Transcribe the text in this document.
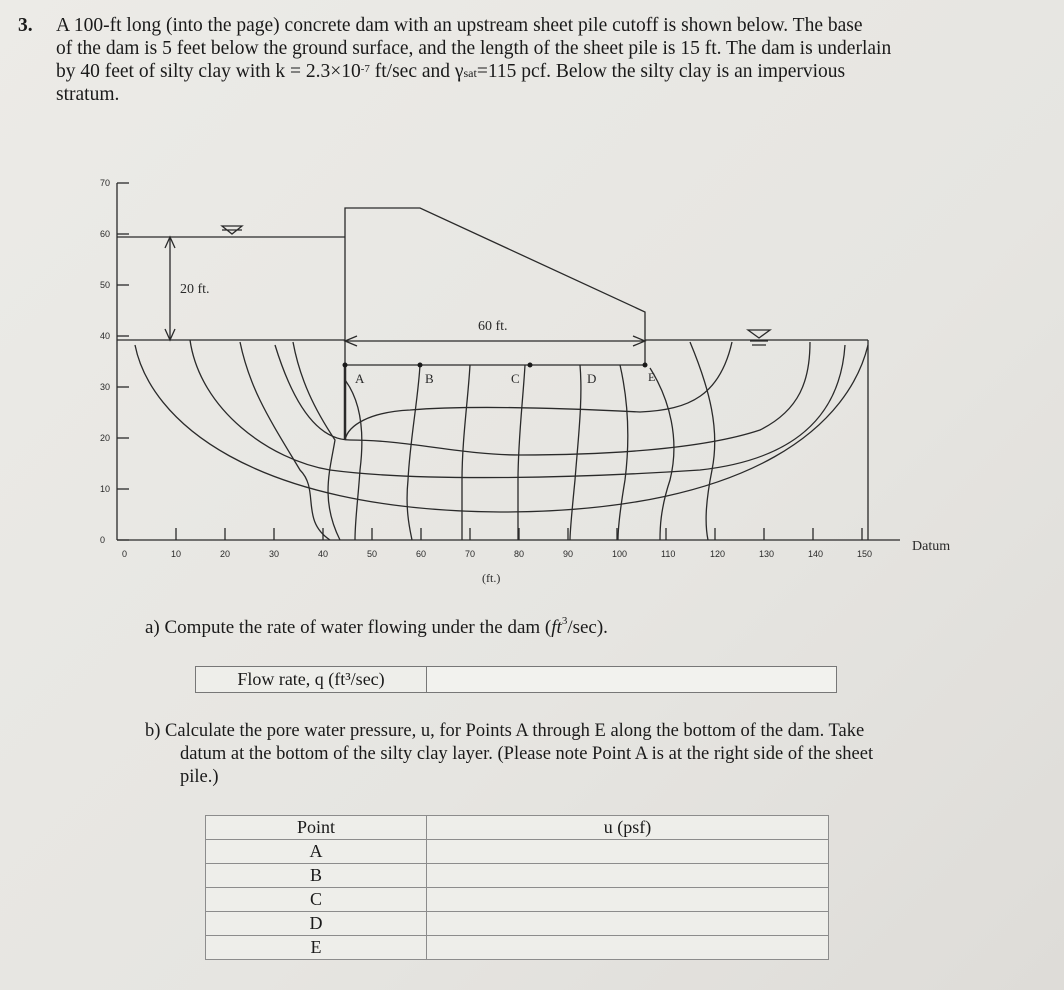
3. A 100-ft long (into the page) concrete dam with an upstream sheet pile cutoff is shown below. The base
of the dam is 5 feet below the ground surface, and the length of the sheet pile is 15 ft. The dam is underlain
by 40 feet of silty clay with $k = 2.3\times 10^{-7}$ ft/sec and γsat=115 pcf. Below the silty clay is an impervious
stratum.
70
60
50
40
30
20
10
0
0	10	20	30	40	50	60	70	80	90	100	110	120	130	140	150
20 ft.
60 ft.
Datum
(ft.)
A	B	C	D	E
a) Compute the rate of water flowing under the dam $(ft^3/\sec)$.
Flow rate, q (ft³/sec)
b) Calculate the pore water pressure, u, for Points A through E along the bottom of the dam. Take
datum at the bottom of the silty clay layer. (Please note Point A is at the right side of the sheet
pile.)
Point	u (psf)
A	
B	
C	
D	
E	
